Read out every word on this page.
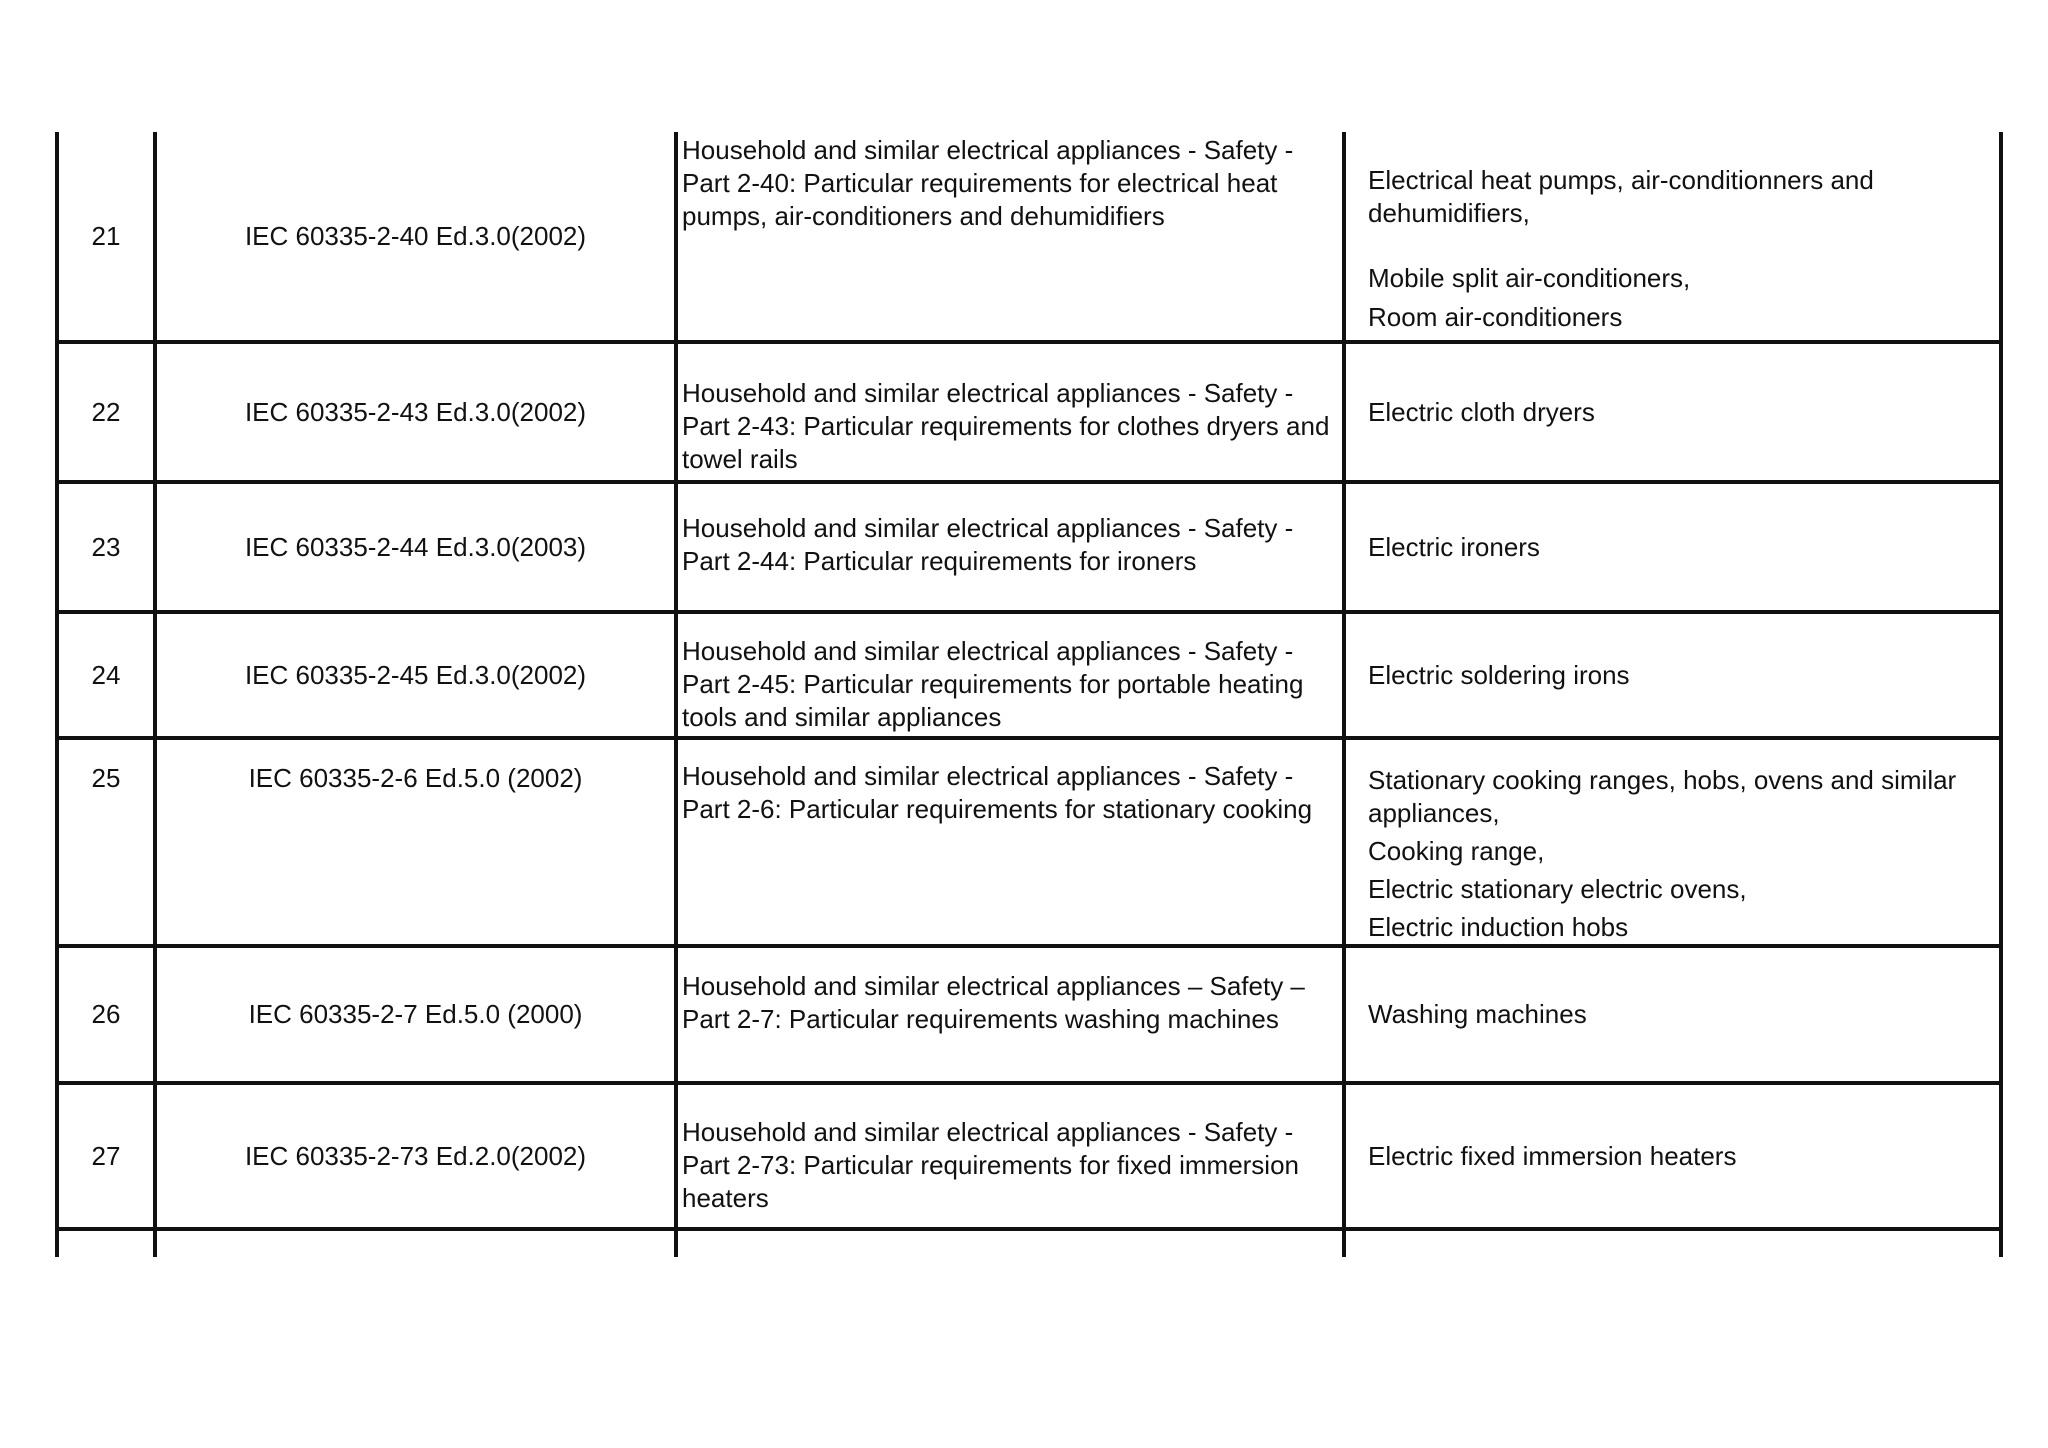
21	IEC 60335-2-40 Ed.3.0(2002)	Household and similar electrical appliances - Safety - Part 2-40: Particular requirements for electrical heat pumps, air-conditioners and dehumidifiers	Electrical heat pumps, air-conditionners and dehumidifiers,
Mobile split air-conditioners,
Room air-conditioners

22	IEC 60335-2-43 Ed.3.0(2002)	Household and similar electrical appliances - Safety - Part 2-43: Particular requirements for clothes dryers and towel rails	Electric cloth dryers

23	IEC 60335-2-44 Ed.3.0(2003)	Household and similar electrical appliances - Safety - Part 2-44: Particular requirements for ironers	Electric ironers

24	IEC 60335-2-45 Ed.3.0(2002)	Household and similar electrical appliances - Safety - Part 2-45: Particular requirements for portable heating tools and similar appliances	Electric soldering irons

25	IEC 60335-2-6 Ed.5.0 (2002)	Household and similar electrical appliances - Safety - Part 2-6: Particular requirements for stationary cooking	Stationary cooking ranges, hobs, ovens and similar appliances,
Cooking range,
Electric stationary electric ovens,
Electric induction hobs

26	IEC 60335-2-7 Ed.5.0 (2000)	Household and similar electrical appliances – Safety – Part 2-7: Particular requirements washing machines	Washing machines

27	IEC 60335-2-73 Ed.2.0(2002)	Household and similar electrical appliances - Safety - Part 2-73: Particular requirements for fixed immersion heaters	Electric fixed immersion heaters
